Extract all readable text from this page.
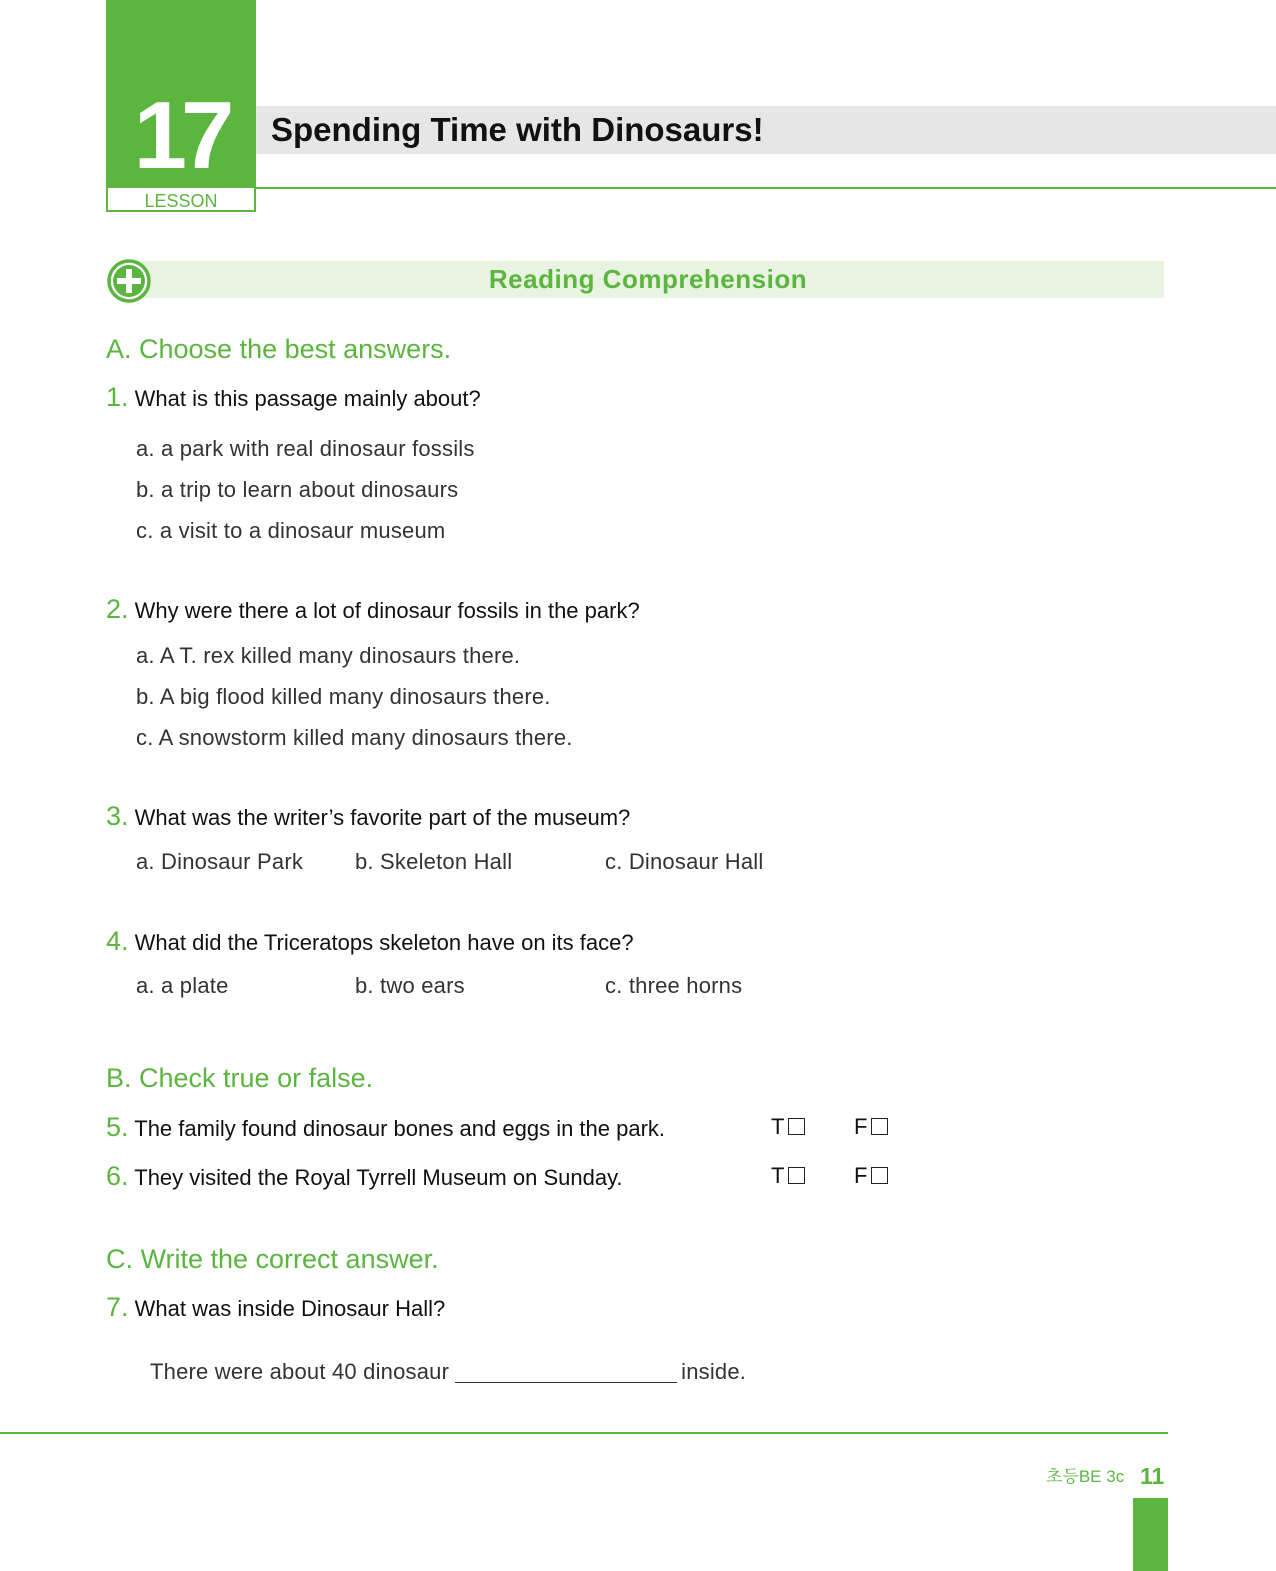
17
LESSON
Spending Time with Dinosaurs!
Reading Comprehension
A. Choose the best answers.
1. What is this passage mainly about?
a. a park with real dinosaur fossils
b. a trip to learn about dinosaurs
c. a visit to a dinosaur museum
2. Why were there a lot of dinosaur fossils in the park?
a. A T. rex killed many dinosaurs there.
b. A big flood killed many dinosaurs there.
c. A snowstorm killed many dinosaurs there.
3. What was the writer’s favorite part of the museum?
a. Dinosaur Park b. Skeleton Hall	c. Dinosaur Hall
4. What did the Triceratops skeleton have on its face?
a. a plate	b. two ears	c. three horns
B. Check true or false.
5. The family found dinosaur bones and eggs in the park.	T	F
6. They visited the Royal Tyrrell Museum on Sunday.	T	F
C. Write the correct answer.
7. What was inside Dinosaur Hall?
There were about 40 dinosaur	inside.
초등BE 3c 11
